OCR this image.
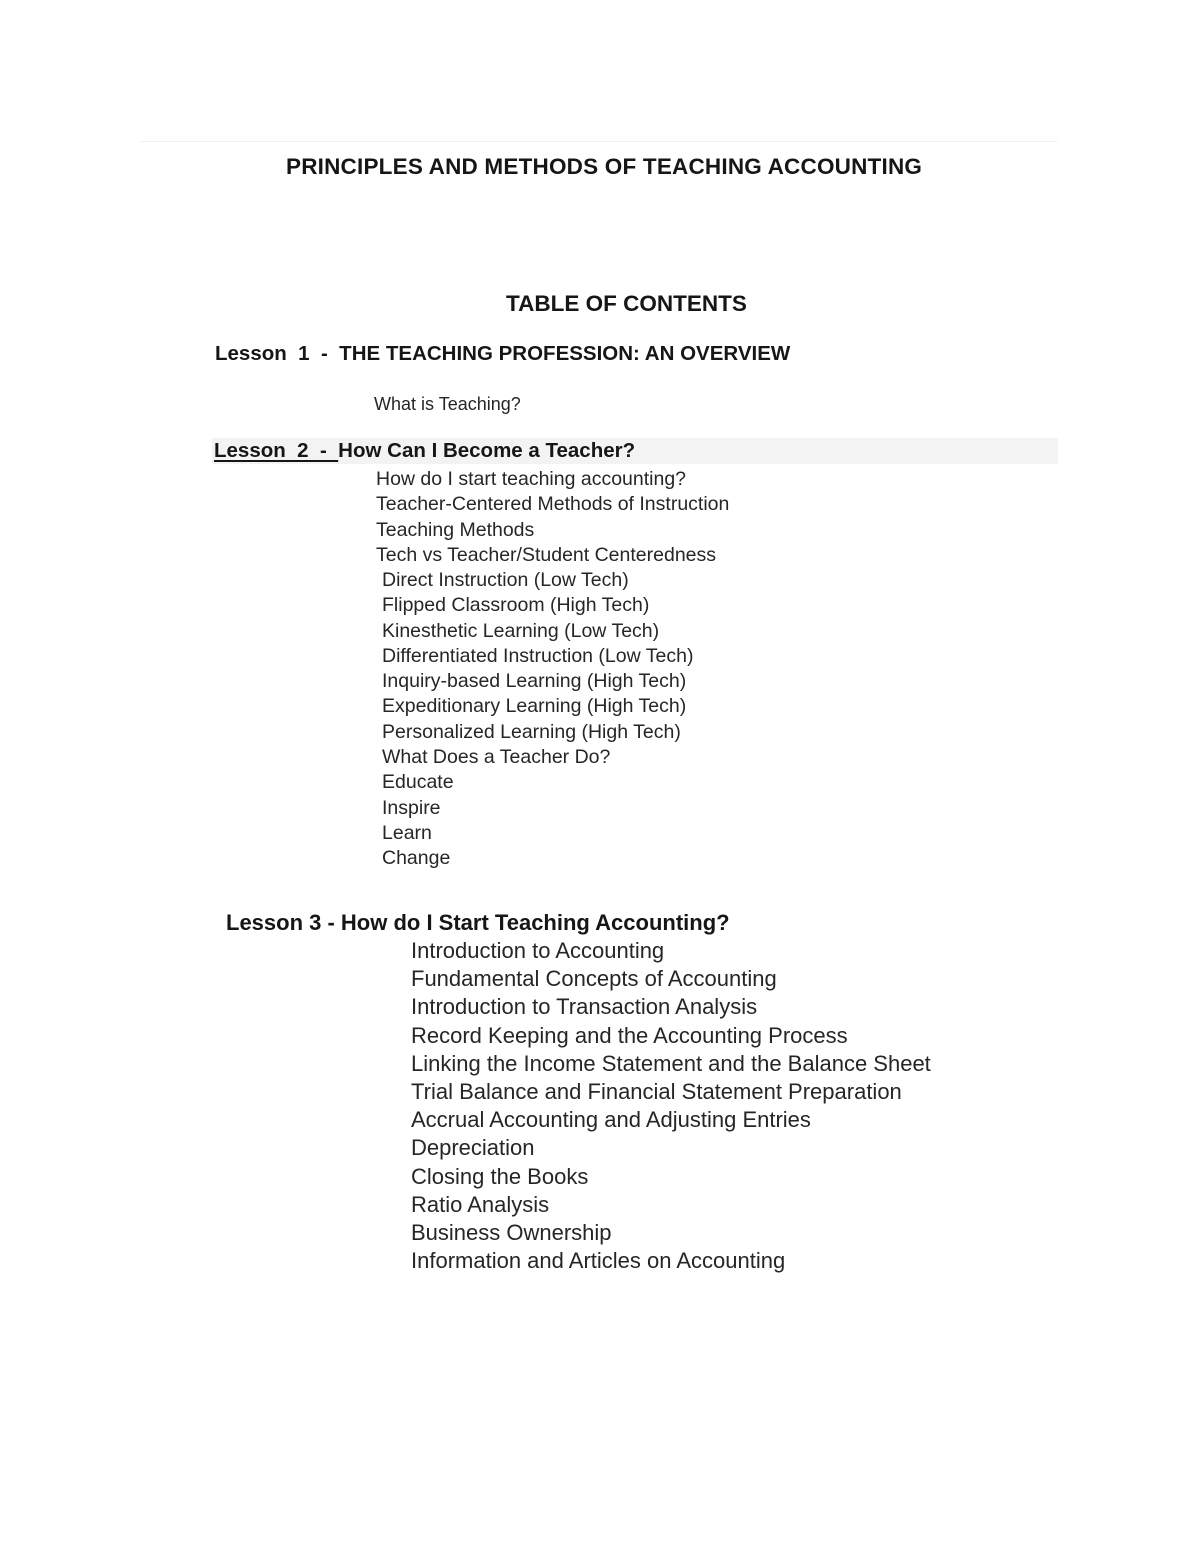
PRINCIPLES AND METHODS OF TEACHING ACCOUNTING
TABLE OF CONTENTS
Lesson  1  -  THE TEACHING PROFESSION: AN OVERVIEW
What is Teaching?
Lesson  2  -  How Can I Become a Teacher?
How do I start teaching accounting?
Teacher-Centered Methods of Instruction
Teaching Methods
Tech vs Teacher/Student Centeredness
Direct Instruction (Low Tech)
Flipped Classroom (High Tech)
Kinesthetic Learning (Low Tech)
Differentiated Instruction (Low Tech)
Inquiry-based Learning (High Tech)
Expeditionary Learning (High Tech)
Personalized Learning (High Tech)
What Does a Teacher Do?
Educate
Inspire
Learn
Change
Lesson 3 - How do I Start Teaching Accounting?
Introduction to Accounting
Fundamental Concepts of Accounting
Introduction to Transaction Analysis
Record Keeping and the Accounting Process
Linking the Income Statement and the Balance Sheet
Trial Balance and Financial Statement Preparation
Accrual Accounting and Adjusting Entries
Depreciation
Closing the Books
Ratio Analysis
Business Ownership
Information and Articles on Accounting
